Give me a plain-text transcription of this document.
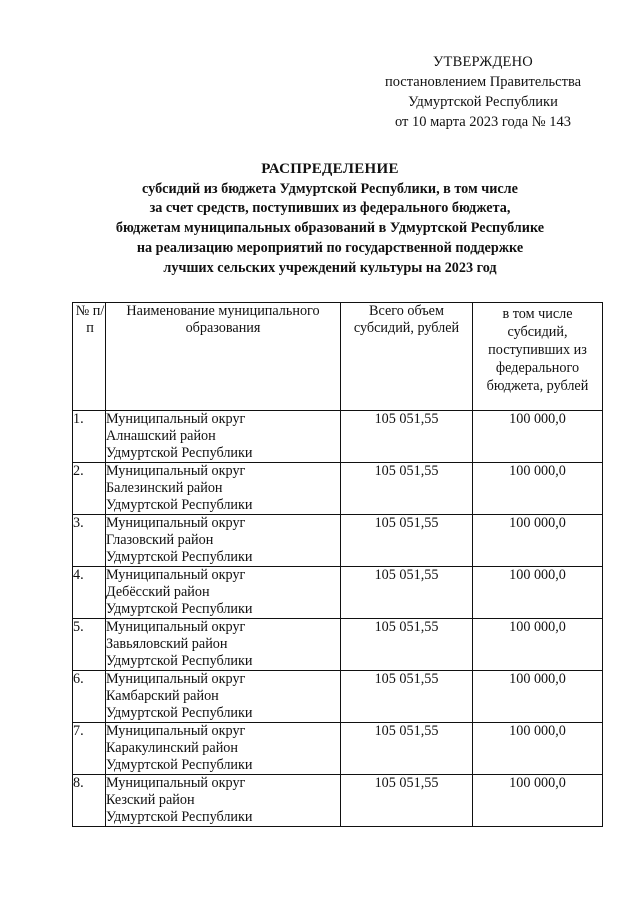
УТВЕРЖДЕНО
постановлением Правительства
Удмуртской Республики
от 10 марта 2023 года № 143
РАСПРЕДЕЛЕНИЕ
субсидий из бюджета Удмуртской Республики, в том числе
за счет средств, поступивших из федерального бюджета,
бюджетам муниципальных образований в Удмуртской Республике
на реализацию мероприятий по государственной поддержке
лучших сельских учреждений культуры на 2023 год
№ п/п	Наименование муниципального образования	Всего объем субсидий, рублей	в том числе субсидий, поступивших из федерального бюджета, рублей
1.	Муниципальный округ
Алнашский район
Удмуртской Республики	105 051,55	100 000,0
2.	Муниципальный округ
Балезинский район
Удмуртской Республики	105 051,55	100 000,0
3.	Муниципальный округ
Глазовский район
Удмуртской Республики	105 051,55	100 000,0
4.	Муниципальный округ
Дебёсский район
Удмуртской Республики	105 051,55	100 000,0
5.	Муниципальный округ
Завьяловский район
Удмуртской Республики	105 051,55	100 000,0
6.	Муниципальный округ
Камбарский район
Удмуртской Республики	105 051,55	100 000,0
7.	Муниципальный округ
Каракулинский район
Удмуртской Республики	105 051,55	100 000,0
8.	Муниципальный округ
Кезский район
Удмуртской Республики	105 051,55	100 000,0
